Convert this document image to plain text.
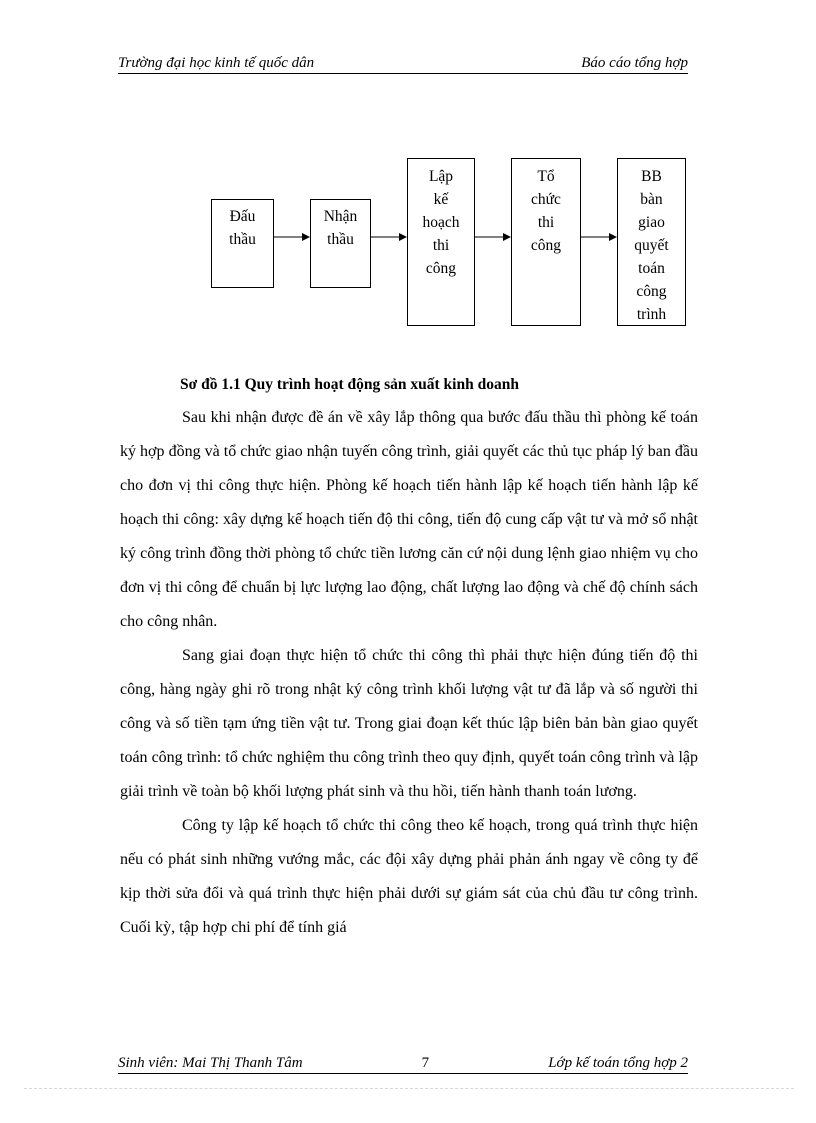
Trường đại học kinh tế quốc dân	Báo cáo tổng hợp
Đấu
thầu
Nhận
thầu
Lập
kế
hoạch
thi
công
Tổ
chức
thi
công
BB
bàn
giao
quyết
toán
công
trình
Sơ đồ 1.1 Quy trình hoạt động sản xuất kinh doanh

Sau khi nhận được đề án về xây lắp thông qua bước đấu thầu thì phòng kế toán ký hợp đồng và tổ chức giao nhận tuyến công trình, giải quyết các thủ tục pháp lý ban đầu cho đơn vị thi công thực hiện. Phòng kế hoạch tiến hành lập kế hoạch tiến hành lập kế hoạch thi công: xây dựng kế hoạch tiến độ thi công, tiến độ cung cấp vật tư và mở sổ nhật ký công trình đồng thời phòng tổ chức tiền lương căn cứ nội dung lệnh giao nhiệm vụ cho đơn vị thi công để chuẩn bị lực lượng lao động, chất lượng lao động và chế độ chính sách cho công nhân.

Sang giai đoạn thực hiện tổ chức thi công thì phải thực hiện đúng tiến độ thi công, hàng ngày ghi rõ trong nhật ký công trình khối lượng vật tư đã lắp và số người thi công và số tiền tạm ứng tiền vật tư. Trong giai đoạn kết thúc lập biên bản bàn giao quyết toán công trình: tổ chức nghiệm thu công trình theo quy định, quyết toán công trình và lập giải trình về toàn bộ khối lượng phát sinh và thu hồi, tiến hành thanh toán lương.

Công ty lập kế hoạch tổ chức thi công theo kế hoạch, trong quá trình thực hiện nếu có phát sinh những vướng mắc, các đội xây dựng phải phản ánh ngay về công ty để kịp thời sửa đổi và quá trình thực hiện phải dưới sự giám sát của chủ đầu tư công trình. Cuối kỳ, tập hợp chi phí để tính giá

Sinh viên: Mai Thị Thanh Tâm	7	Lớp kế toán tổng hợp 2
